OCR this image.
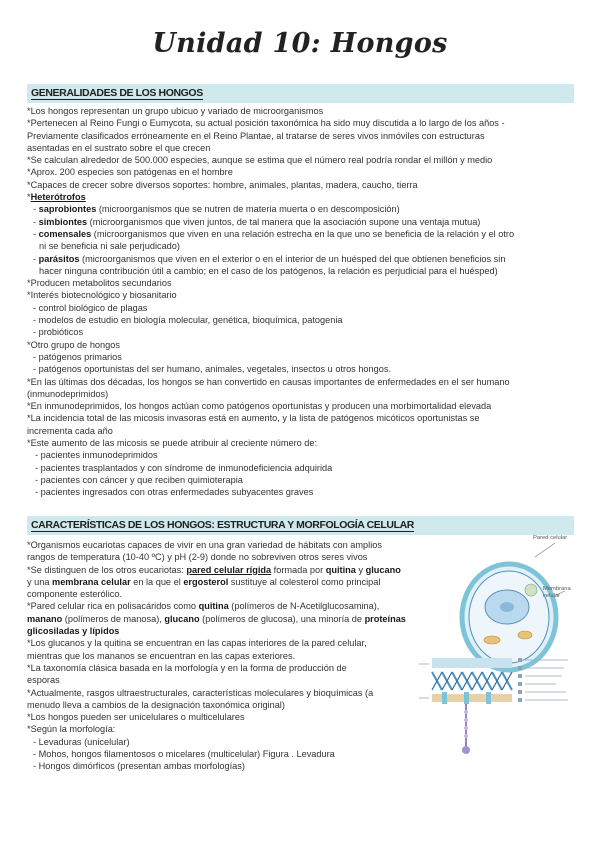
Unidad 10: Hongos
GENERALIDADES DE LOS HONGOS

*Los hongos representan un grupo ubicuo y variado de microorganismos

*Pertenecen al Reino Fungi o Eumycota, su actual posición taxonómica ha sido muy discutida a lo largo de los años -

Previamente clasificados erróneamente en el Reino Plantae, al tratarse de seres vivos inmóviles con estructuras

asentadas en el sustrato sobre el que crecen

*Se calculan alrededor de 500.000 especies, aunque se estima que el número real podría rondar el millón y medio

*Aprox. 200 especies son patógenas en el hombre

*Capaces de crecer sobre diversos soportes: hombre, animales, plantas, madera, caucho, tierra

*Heterótrofos

- saprobiontes (microorganismos que se nutren de materia muerta o en descomposición)

- simbiontes (microorganismos que viven juntos, de tal manera que la asociación supone una ventaja mutua)

- comensales (microorganismos que viven en una relación estrecha en la que uno se beneficia de la relación y el otro

ni se beneficia ni sale perjudicado)

- parásitos (microorganismos que viven en el exterior o en el interior de un huésped del que obtienen beneficios sin

hacer ninguna contribución útil a cambio; en el caso de los patógenos, la relación es perjudicial para el huésped)

*Producen metabolitos secundarios

*Interés biotecnológico y biosanitario

- control biológico de plagas

- modelos de estudio en biología molecular, genética, bioquímica, patogenia

- probióticos

*Otro grupo de hongos

- patógenos primarios

- patógenos oportunistas del ser humano, animales, vegetales, insectos u otros hongos.

*En las últimas dos décadas, los hongos se han convertido en causas importantes de enfermedades en el ser humano

(inmunodeprimidos)

*En inmunodeprimidos, los hongos actúan como patógenos oportunistas y producen una morbimortalidad elevada

*La incidencia total de las micosis invasoras está en aumento, y la lista de patógenos micóticos oportunistas se

incrementa cada año

*Este aumento de las micosis se puede atribuir al creciente número de:

- pacientes inmunodeprimidos

- pacientes trasplantados y con síndrome de inmunodeficiencia adquirida

- pacientes con cáncer y que reciben quimioterapia

- pacientes ingresados con otras enfermedades subyacentes graves

CARACTERÍSTICAS DE LOS HONGOS: ESTRUCTURA Y MORFOLOGÍA CELULAR

*Organismos eucariotas capaces de vivir en una gran variedad de hábitats con amplios

rangos de temperatura (10-40 ºC) y pH (2-9) donde no sobreviven otros seres vivos

*Se distinguen de los otros eucariotas: pared celular rígida formada por quitina y glucano

y una membrana celular en la que el ergosterol sustituye al colesterol como principal

componente esterólico.

*Pared celular rica en polisacáridos como quitina (polímeros de N-Acetilglucosamina),

manano (polímeros de manosa), glucano (polímeros de glucosa), una minoría de proteínas

glicosiladas y lípidos

*Los glucanos y la quitina se encuentran en las capas interiores de la pared celular,

mientras que los mananos se encuentran en las capas exteriores.

*La taxonomía clásica basada en la morfología y en la forma de producción de

esporas

*Actualmente, rasgos ultraestructurales, características moleculares y bioquímicas (a

menudo lleva a cambios de la designación taxonómica original)

*Los hongos pueden ser unicelulares o multicelulares

*Según la morfología:

- Levaduras (unicelular)

- Mohos, hongos filamentosos o micelares (multicelular) Figura . Levadura

- Hongos dimórficos (presentan ambas morfologías)

Pared celular
Membrana celular
